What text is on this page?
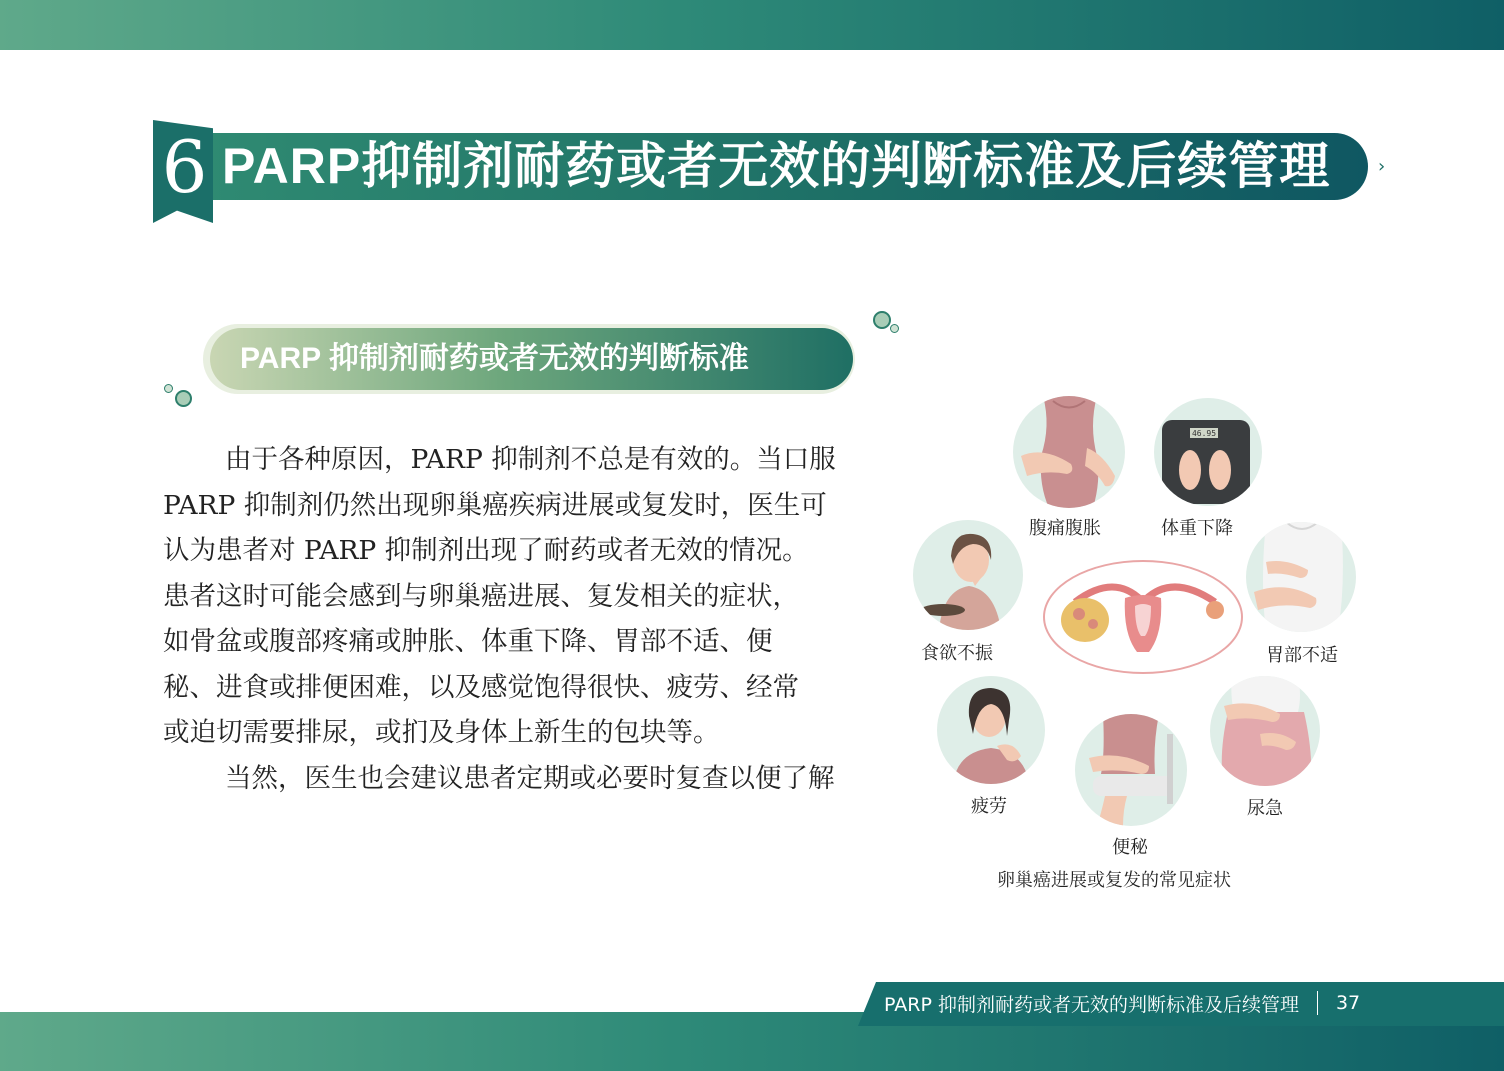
6 PARP抑制剂耐药或者无效的判断标准及后续管理	›
PARP 抑制剂耐药或者无效的判断标准
由于各种原因，PARP 抑制剂不总是有效的。当口服
PARP 抑制剂仍然出现卵巢癌疾病进展或复发时，医生可
认为患者对 PARP 抑制剂出现了耐药或者无效的情况。
患者这时可能会感到与卵巢癌进展、复发相关的症状，
如骨盆或腹部疼痛或肿胀、体重下降、胃部不适、便
秘、进食或排便困难，以及感觉饱得很快、疲劳、经常
或迫切需要排尿，或扪及身体上新生的包块等。
当然，医生也会建议患者定期或必要时复查以便了解
腹痛腹胀
46.95
体重下降
食欲不振	胃部不适
疲劳
便秘
尿急
卵巢癌进展或复发的常见症状
PARP 抑制剂耐药或者无效的判断标准及后续管理 37
